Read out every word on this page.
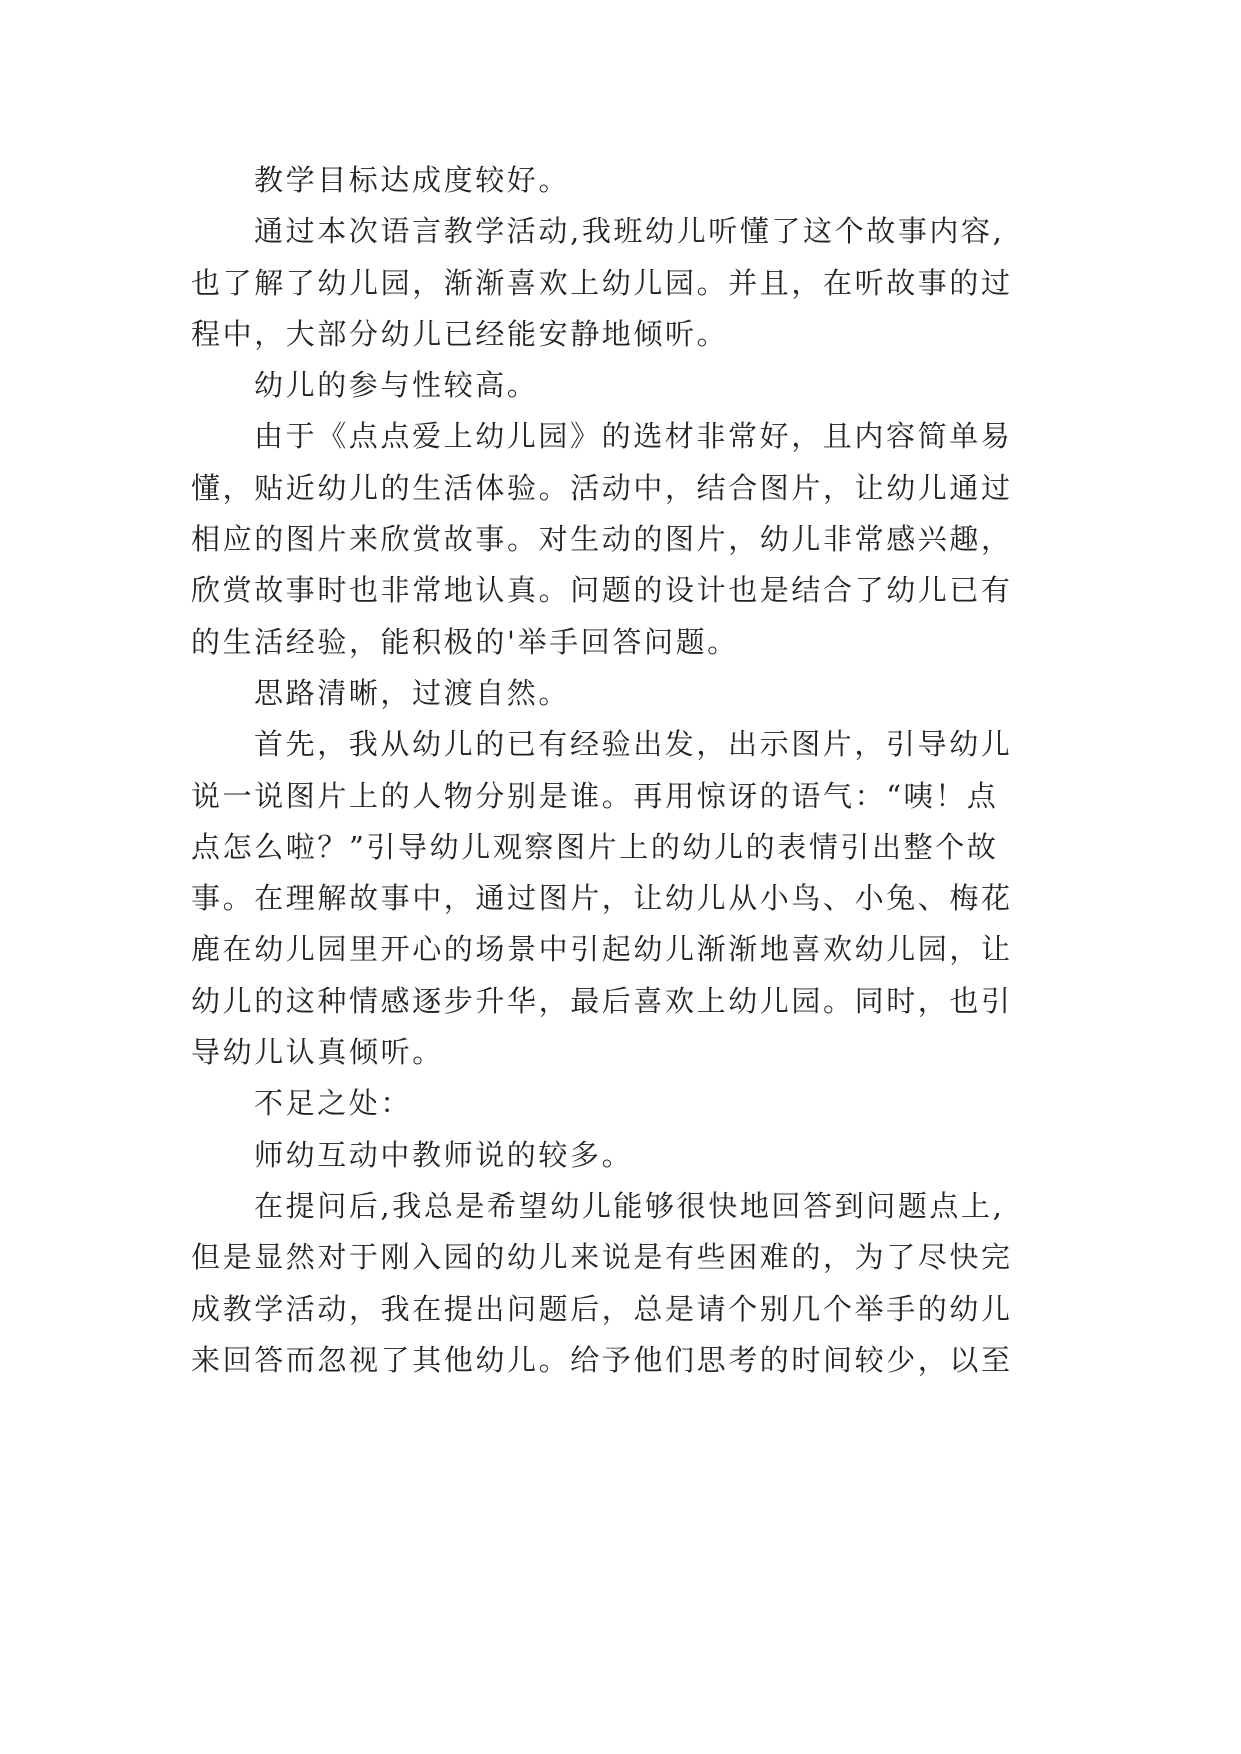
教学目标达成度较好。
通过本次语言教学活动,我班幼儿听懂了这个故事内容,
也了解了幼儿园，渐渐喜欢上幼儿园。并且，在听故事的过
程中，大部分幼儿已经能安静地倾听。
幼儿的参与性较高。
由于《点点爱上幼儿园》的选材非常好，且内容简单易
懂，贴近幼儿的生活体验。活动中，结合图片，让幼儿通过
相应的图片来欣赏故事。对生动的图片，幼儿非常感兴趣，
欣赏故事时也非常地认真。问题的设计也是结合了幼儿已有
的生活经验，能积极的'举手回答问题。
思路清晰，过渡自然。
首先，我从幼儿的已有经验出发，出示图片，引导幼儿
说一说图片上的人物分别是谁。再用惊讶的语气：“咦！点
点怎么啦？”引导幼儿观察图片上的幼儿的表情引出整个故
事。在理解故事中，通过图片，让幼儿从小鸟、小兔、梅花
鹿在幼儿园里开心的场景中引起幼儿渐渐地喜欢幼儿园，让
幼儿的这种情感逐步升华，最后喜欢上幼儿园。同时，也引
导幼儿认真倾听。
不足之处：
师幼互动中教师说的较多。
在提问后,我总是希望幼儿能够很快地回答到问题点上,
但是显然对于刚入园的幼儿来说是有些困难的，为了尽快完
成教学活动，我在提出问题后，总是请个别几个举手的幼儿
来回答而忽视了其他幼儿。给予他们思考的时间较少，以至
